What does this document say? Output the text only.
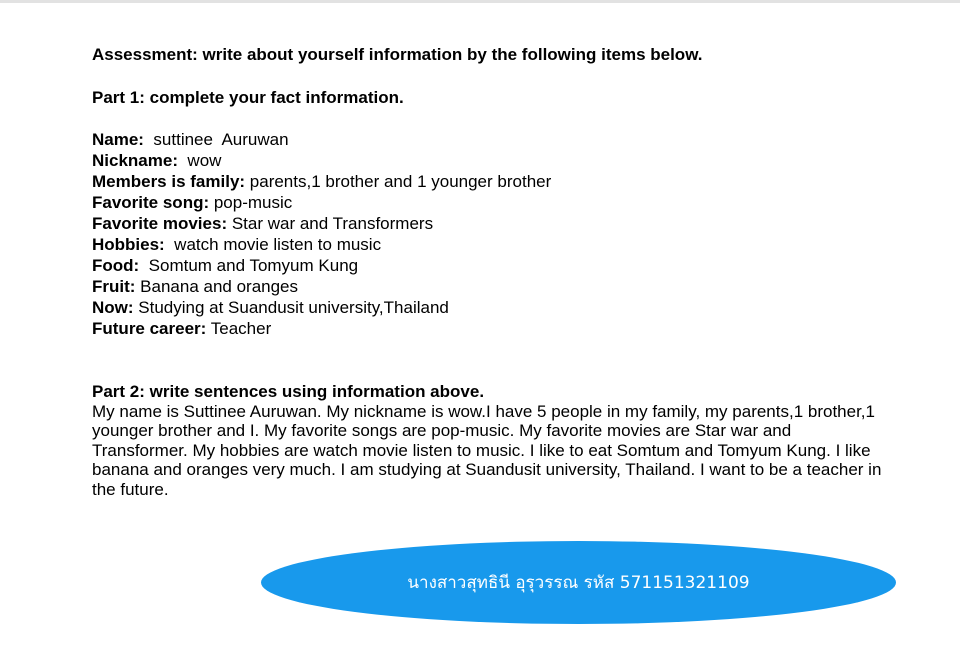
Assessment: write about yourself information by the following items below.

Part 1: complete your fact information.

Name:  suttinee  Auruwan
Nickname:  wow
Members is family: parents,1 brother and 1 younger brother
Favorite song: pop-music
Favorite movies: Star war and Transformers
Hobbies:  watch movie listen to music
Food:  Somtum and Tomyum Kung
Fruit: Banana and oranges
Now: Studying at Suandusit university,Thailand
Future career: Teacher

Part 2: write sentences using information above.

My name is Suttinee Auruwan. My nickname is wow.I have 5 people in my family, my parents,1 brother,1 younger brother and I. My favorite songs are pop-music. My favorite movies are Star war and Transformer. My hobbies are watch movie listen to music. I like to eat Somtum and Tomyum Kung. I like banana and oranges very much. I am studying at Suandusit university, Thailand. I want to be a teacher in the future.

นางสาวสุทธินี อุรุวรรณ รหัส 571151321109
